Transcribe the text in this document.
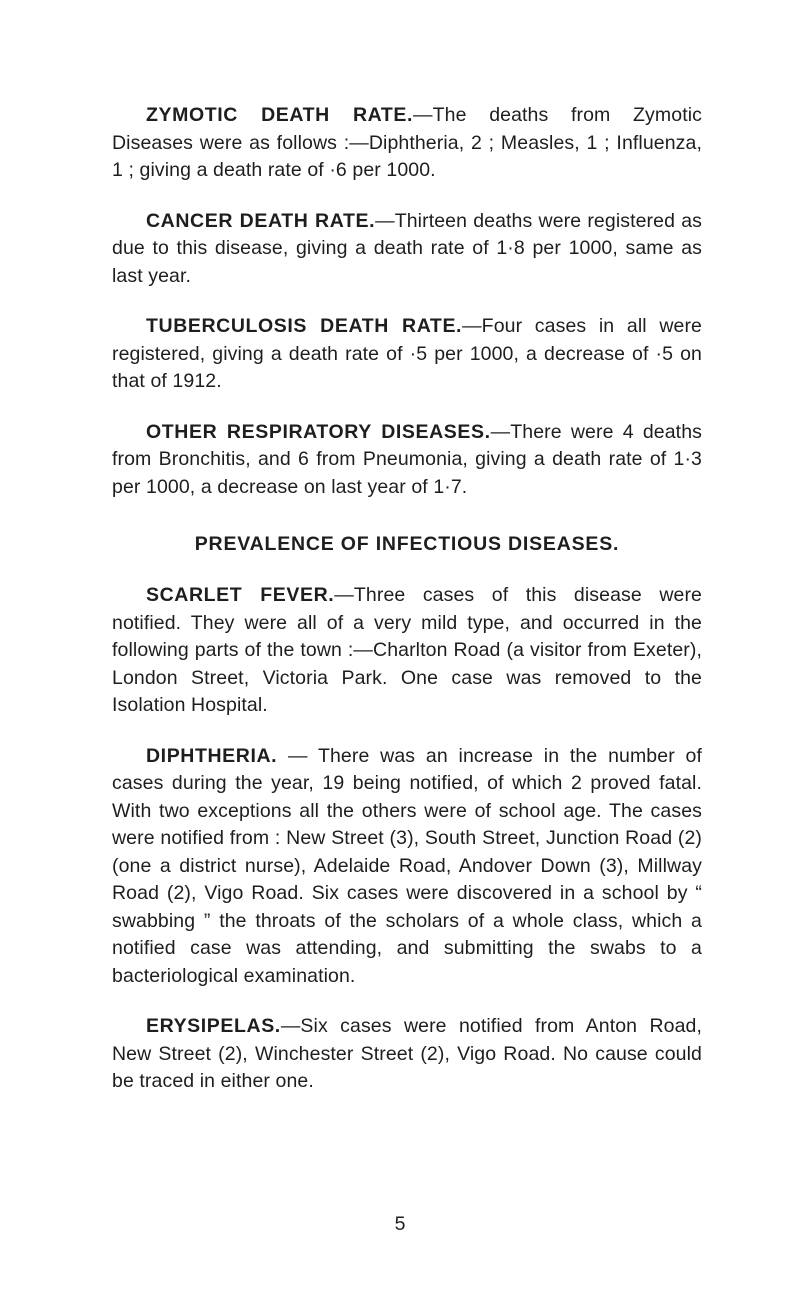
ZYMOTIC DEATH RATE.—The deaths from Zymotic Diseases were as follows :—Diphtheria, 2 ; Measles, 1 ; Influenza, 1 ; giving a death rate of ·6 per 1000.

CANCER DEATH RATE.—Thirteen deaths were registered as due to this disease, giving a death rate of 1·8 per 1000, same as last year.

TUBERCULOSIS DEATH RATE.—Four cases in all were registered, giving a death rate of ·5 per 1000, a decrease of ·5 on that of 1912.

OTHER RESPIRATORY DISEASES.—There were 4 deaths from Bronchitis, and 6 from Pneumonia, giving a death rate of 1·3 per 1000, a decrease on last year of 1·7.

PREVALENCE OF INFECTIOUS DISEASES.

SCARLET FEVER.—Three cases of this disease were notified. They were all of a very mild type, and occurred in the following parts of the town :—Charlton Road (a visitor from Exeter), London Street, Victoria Park. One case was removed to the Isolation Hospital.

DIPHTHERIA. — There was an increase in the number of cases during the year, 19 being notified, of which 2 proved fatal. With two exceptions all the others were of school age. The cases were notified from : New Street (3), South Street, Junction Road (2) (one a district nurse), Adelaide Road, Andover Down (3), Millway Road (2), Vigo Road. Six cases were discovered in a school by “ swabbing ” the throats of the scholars of a whole class, which a notified case was attending, and submitting the swabs to a bacteriological examination.

ERYSIPELAS.—Six cases were notified from Anton Road, New Street (2), Winchester Street (2), Vigo Road. No cause could be traced in either one.

5
